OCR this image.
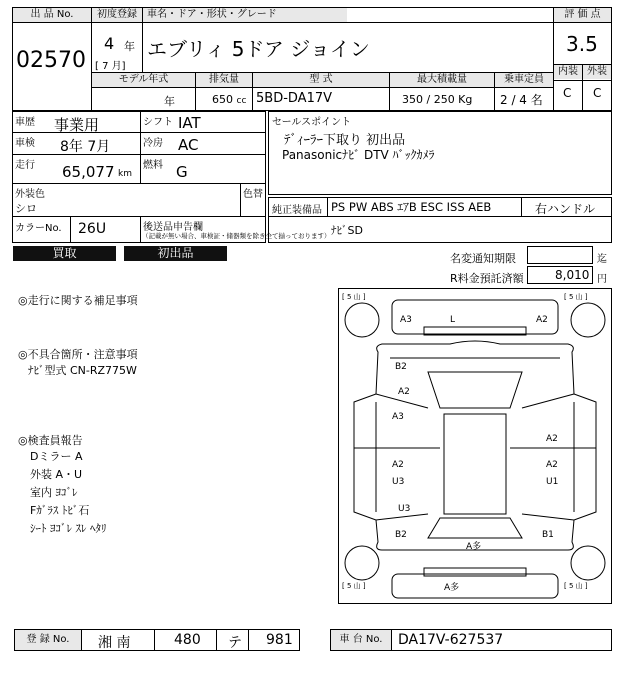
出 品 No.
02570
初度登録	車名・ドア・形状・グレード
4 年
[ 7 月]
エブリィ 5ドア ジョイン
モデル年式	排気量	型 式	最大積載量	乗車定員
年	650 cc 5BD-DA17V	350 / 250 Kg 2 / 4 名
評 価 点
3.5
内装 外装
C C
車歴 事業用	シフト IAT
車検 8年 7月	冷房 AC
走行 65,077 km
燃料 G
外装色
シロ
色替
カラーNo. 26U	後送品申告欄
（記載が無い場合、車検証・储器類を除き全て揃っております）
セールスポイント
ﾃﾞｨｰﾗｰ下取り 初出品
Panasonicﾅﾋﾞ DTV ﾊﾞｯｸｶﾒﾗ
純正装備品 PS PW ABS ｴｱB ESC ISS AEB	右ハンドル
ﾅﾋﾞSD
買取	初出品	名変通知期限	迄
R料金預託済額	8,010 円
◎走行に関する補足事項
◎不具合箇所・注意事項
ﾅﾋﾞ型式 CN-RZ775W
◎検査員報告
Dミラー A
外装 A・U
室内 ﾖｺﾞﾚ
Fｶﾞﾗｽ ﾄﾋﾞ石
ｼｰﾄ ﾖｺﾞﾚ ｽﾚ ﾍﾀﾘ
[ 5 山 ]	[ 5 山 ]
[ 5 山 ]	[ 5 山 ]
A3	L	A2
B2
A2
A3
A2
A2
U3
A2
U1
U3
B2
A多
B1
A多
登 録 No.	湘 南	480 テ 981	車 台 No.	DA17V-627537
